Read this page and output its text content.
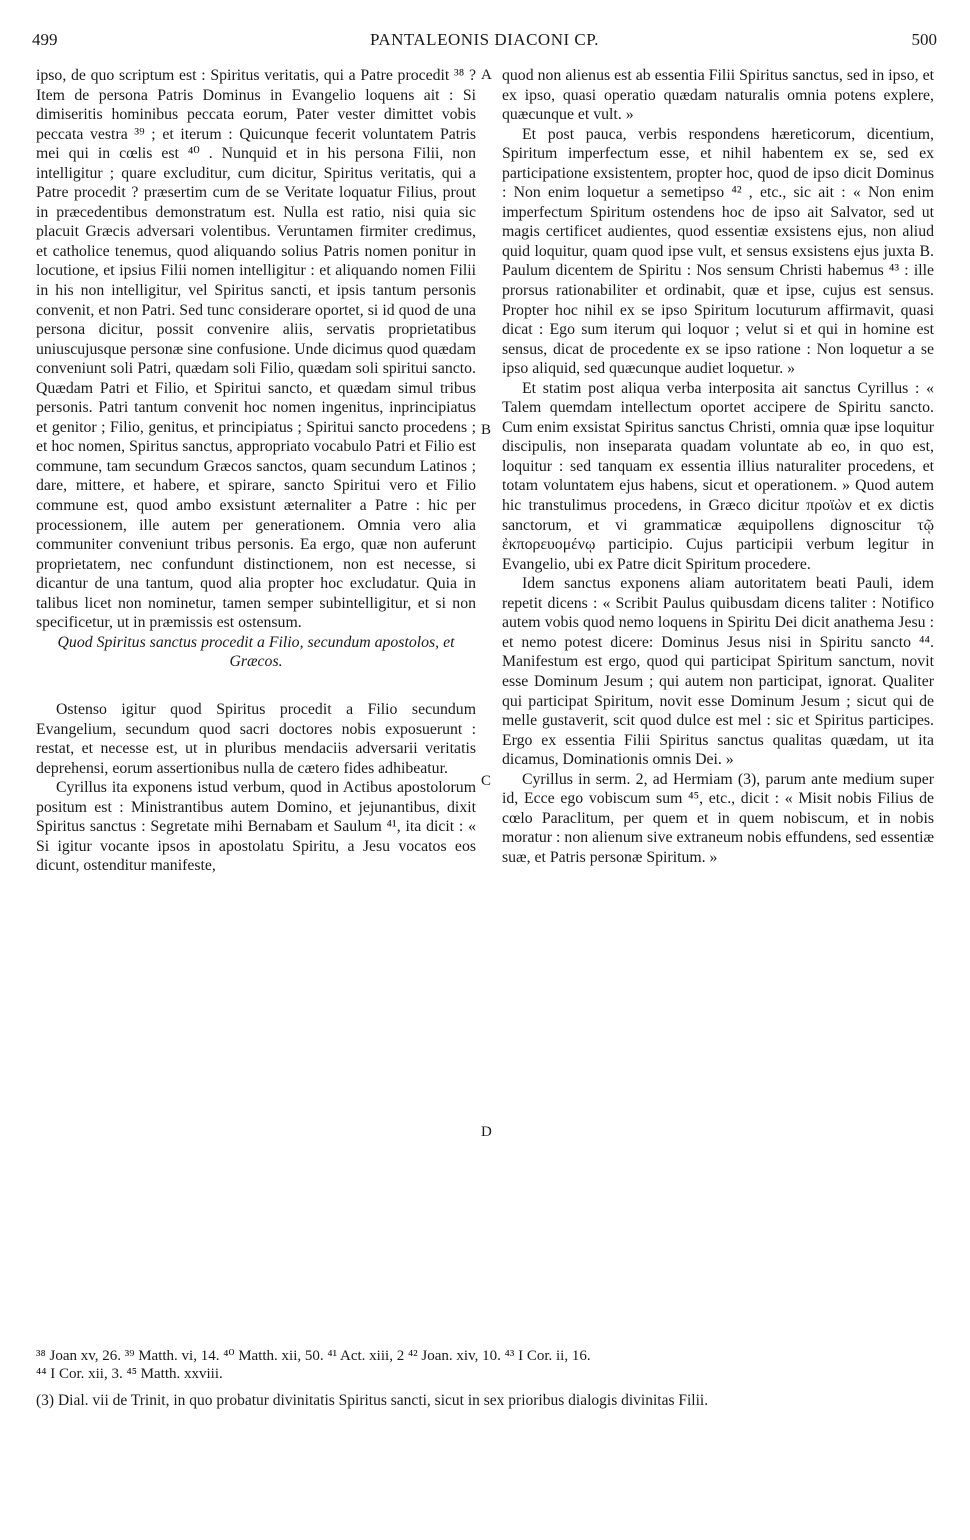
499	PANTALEONIS DIACONI CP.	500
A
B
C
D

ipso, de quo scriptum est : Spiritus veritatis, qui a Patre procedit ³⁸ ? Item de persona Patris Dominus in Evangelio loquens ait : Si dimiseritis hominibus peccata eorum, Pater vester dimittet vobis peccata vestra ³⁹ ; et iterum : Quicunque fecerit voluntatem Patris mei qui in cœlis est ⁴⁰ . Nunquid et in his persona Filii, non intelligitur ; quare excluditur, cum dicitur, Spiritus veritatis, qui a Patre procedit ? præsertim cum de se Veritate loquatur Filius, prout in præcedentibus demonstratum est. Nulla est ratio, nisi quia sic placuit Græcis adversari volentibus. Veruntamen firmiter credimus, et catholice tenemus, quod aliquando solius Patris nomen ponitur in locutione, et ipsius Filii nomen intelligitur : et aliquando nomen Filii in his non intelligitur, vel Spiritus sancti, et ipsis tantum personis convenit, et non Patri. Sed tunc considerare oportet, si id quod de una persona dicitur, possit convenire aliis, servatis proprietatibus uniuscujusque personæ sine confusione. Unde dicimus quod quædam conveniunt soli Patri, quædam soli Filio, quædam soli spiritui sancto. Quædam Patri et Filio, et Spiritui sancto, et quædam simul tribus personis. Patri tantum convenit hoc nomen ingenitus, inprincipiatus et genitor ; Filio, genitus, et principiatus ; Spiritui sancto procedens ; et hoc nomen, Spiritus sanctus, appropriato vocabulo Patri et Filio est commune, tam secundum Græcos sanctos, quam secundum Latinos ; dare, mittere, et habere, et spirare, sancto Spiritui vero et Filio commune est, quod ambo exsistunt æternaliter a Patre : hic per processionem, ille autem per generationem. Omnia vero alia communiter conveniunt tribus personis. Ea ergo, quæ non auferunt proprietatem, nec confundunt distinctionem, non est necesse, si dicantur de una tantum, quod alia propter hoc excludatur. Quia in talibus licet non nominetur, tamen semper subintelligitur, et si non specificetur, ut in præmissis est ostensum.

Quod Spiritus sanctus procedit a Filio, secundum apostolos, et Græcos.

Ostenso igitur quod Spiritus procedit a Filio secundum Evangelium, secundum quod sacri doctores nobis exposuerunt : restat, et necesse est, ut in pluribus mendaciis adversarii veritatis deprehensi, eorum assertionibus nulla de cætero fides adhibeatur.

Cyrillus ita exponens istud verbum, quod in Actibus apostolorum positum est : Ministrantibus autem Domino, et jejunantibus, dixit Spiritus sanctus : Segretate mihi Bernabam et Saulum ⁴¹, ita dicit : « Si igitur vocante ipsos in apostolatu Spiritu, a Jesu vocatos eos dicunt, ostenditur manifeste,

quod non alienus est ab essentia Filii Spiritus sanctus, sed in ipso, et ex ipso, quasi operatio quædam naturalis omnia potens explere, quæcunque et vult. »

Et post pauca, verbis respondens hæreticorum, dicentium, Spiritum imperfectum esse, et nihil habentem ex se, sed ex participatione exsistentem, propter hoc, quod de ipso dicit Dominus : Non enim loquetur a semetipso ⁴² , etc., sic ait : « Non enim imperfectum Spiritum ostendens hoc de ipso ait Salvator, sed ut magis certificet audientes, quod essentiæ exsistens ejus, non aliud quid loquitur, quam quod ipse vult, et sensus exsistens ejus juxta B. Paulum dicentem de Spiritu : Nos sensum Christi habemus ⁴³ : ille prorsus rationabiliter et ordinabit, quæ et ipse, cujus est sensus. Propter hoc nihil ex se ipso Spiritum locuturum affirmavit, quasi dicat : Ego sum iterum qui loquor ; velut si et qui in homine est sensus, dicat de procedente ex se ipso ratione : Non loquetur a se ipso aliquid, sed quæcunque audiet loquetur. »

Et statim post aliqua verba interposita ait sanctus Cyrillus : « Talem quemdam intellectum oportet accipere de Spiritu sancto. Cum enim exsistat Spiritus sanctus Christi, omnia quæ ipse loquitur discipulis, non inseparata quadam voluntate ab eo, in quo est, loquitur : sed tanquam ex essentia illius naturaliter procedens, et totam voluntatem ejus habens, sicut et operationem. » Quod autem hic transtulimus procedens, in Græco dicitur προϊὼν et ex dictis sanctorum, et vi grammaticæ æquipollens dignoscitur τῷ ἐκπορευομένῳ participio. Cujus participii verbum legitur in Evangelio, ubi ex Patre dicit Spiritum procedere.

Idem sanctus exponens aliam autoritatem beati Pauli, idem repetit dicens : « Scribit Paulus quibusdam dicens taliter : Notifico autem vobis quod nemo loquens in Spiritu Dei dicit anathema Jesu : et nemo potest dicere: Dominus Jesus nisi in Spiritu sancto ⁴⁴. Manifestum est ergo, quod qui participat Spiritum sanctum, novit esse Dominum Jesum ; qui autem non participat, ignorat. Qualiter qui participat Spiritum, novit esse Dominum Jesum ; sicut qui de melle gustaverit, scit quod dulce est mel : sic et Spiritus participes. Ergo ex essentia Filii Spiritus sanctus qualitas quædam, ut ita dicamus, Dominationis omnis Dei. »

Cyrillus in serm. 2, ad Hermiam (3), parum ante medium super id, Ecce ego vobiscum sum ⁴⁵, etc., dicit : « Misit nobis Filius de cœlo Paraclitum, per quem et in quem nobiscum, et in nobis moratur : non alienum sive extraneum nobis effundens, sed essentiæ suæ, et Patris personæ Spiritum. »

³⁸ Joan xv, 26. ³⁹ Matth. vi, 14. ⁴⁰ Matth. xii, 50. ⁴¹ Act. xiii, 2 ⁴² Joan. xiv, 10. ⁴³ I Cor. ii, 16.

⁴⁴ I Cor. xii, 3. ⁴⁵ Matth. xxviii.

(3) Dial. vii de Trinit, in quo probatur divinitatis Spiritus sancti, sicut in sex prioribus dialogis divinitas Filii.
